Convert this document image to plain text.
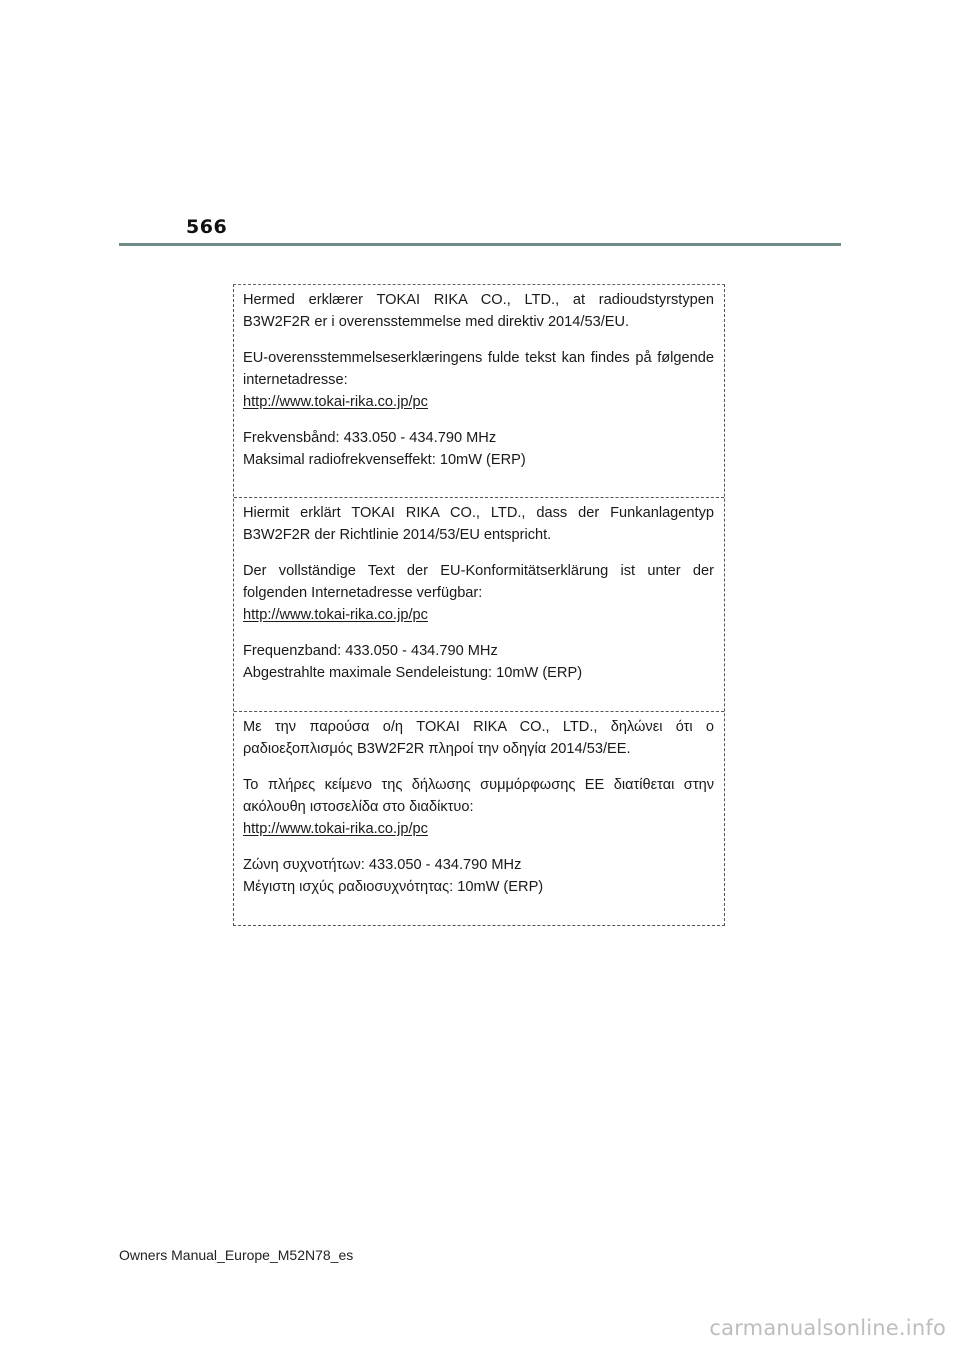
566

Hermed erklærer TOKAI RIKA CO., LTD., at radioudstyrstypen B3W2F2R er i overensstemmelse med direktiv 2014/53/EU.

EU-overensstemmelseserklæringens fulde tekst kan findes på følgende internetadresse:
http://www.tokai-rika.co.jp/pc

Frekvensbånd: 433.050 - 434.790 MHz
Maksimal radiofrekvenseffekt: 10mW (ERP)

Hiermit erklärt TOKAI RIKA CO., LTD., dass der Funkanlagentyp B3W2F2R der Richtlinie 2014/53/EU entspricht.

Der vollständige Text der EU-Konformitätserklärung ist unter der folgenden Internetadresse verfügbar:
http://www.tokai-rika.co.jp/pc

Frequenzband: 433.050 - 434.790 MHz
Abgestrahlte maximale Sendeleistung: 10mW (ERP)

Με την παρούσα ο/η TOKAI RIKA CO., LTD., δηλώνει ότι ο ραδιοεξοπλισμός B3W2F2R πληροί την οδηγία 2014/53/ΕΕ.

Το πλήρες κείμενο της δήλωσης συμμόρφωσης ΕΕ διατίθεται στην ακόλουθη ιστοσελίδα στο διαδίκτυο:
http://www.tokai-rika.co.jp/pc

Ζώνη συχνοτήτων: 433.050 - 434.790 MHz
Μέγιστη ισχύς ραδιοσυχνότητας: 10mW (ERP)

Owners Manual_Europe_M52N78_es
carmanualsonline.info
